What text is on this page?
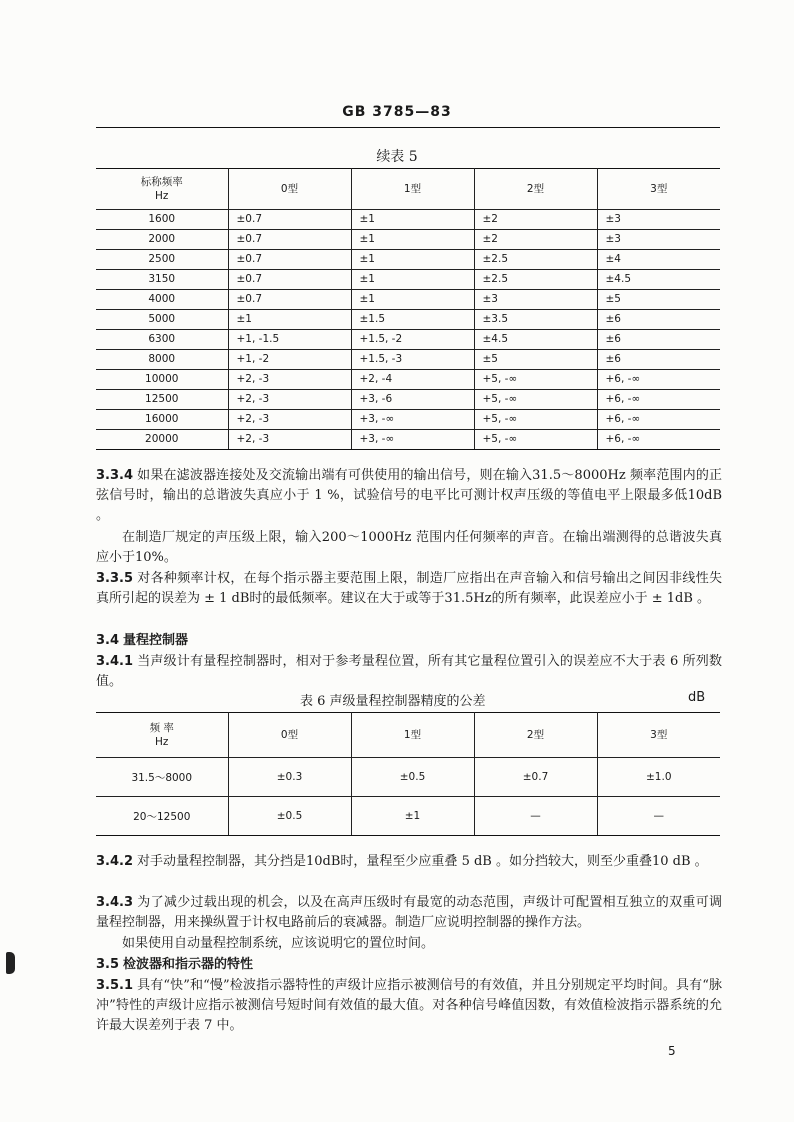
GB 3785—83
续表 5
标称频率
Hz	0型	1型	2型	3型
1600	±0.7	±1	±2	±3
2000	±0.7	±1	±2	±3
2500	±0.7	±1	±2.5	±4
3150	±0.7	±1	±2.5	±4.5
4000	±0.7	±1	±3	±5
5000	±1	±1.5	±3.5	±6
6300	+1, -1.5	+1.5, -2	±4.5	±6
8000	+1, -2	+1.5, -3	±5	±6
10000	+2, -3	+2, -4	+5, -∞	+6, -∞
12500	+2, -3	+3, -6	+5, -∞	+6, -∞
16000	+2, -3	+3, -∞	+5, -∞	+6, -∞
20000	+2, -3	+3, -∞	+5, -∞	+6, -∞

3.3.4 如果在滤波器连接处及交流输出端有可供使用的输出信号，则在输入31.5～8000Hz 频率范围内的正弦信号时，输出的总谐波失真应小于 1 %，试验信号的电平比可测计权声压级的等值电平上限最多低10dB 。

在制造厂规定的声压级上限，输入200～1000Hz 范围内任何频率的声音。在输出端测得的总谐波失真应小于10%。

3.3.5 对各种频率计权，在每个指示器主要范围上限，制造厂应指出在声音输入和信号输出之间因非线性失真所引起的误差为 ± 1 dB时的最低频率。建议在大于或等于31.5Hz的所有频率，此误差应小于 ± 1dB 。

3.4 量程控制器

3.4.1 当声级计有量程控制器时，相对于参考量程位置，所有其它量程位置引入的误差应不大于表 6 所列数值。

表 6 声级量程控制器精度的公差	dB
频 率
Hz	0型	1型	2型	3型
31.5～8000	±0.3	±0.5	±0.7	±1.0
20～12500	±0.5	±1	—	—

3.4.2 对手动量程控制器，其分挡是10dB时，量程至少应重叠 5 dB 。如分挡较大，则至少重叠10 dB 。

3.4.3 为了减少过载出现的机会，以及在高声压级时有最宽的动态范围，声级计可配置相互独立的双重可调量程控制器，用来操纵置于计权电路前后的衰减器。制造厂应说明控制器的操作方法。

如果使用自动量程控制系统，应该说明它的置位时间。

3.5 检波器和指示器的特性

3.5.1 具有“快”和“慢”检波指示器特性的声级计应指示被测信号的有效值，并且分别规定平均时间。具有“脉冲”特性的声级计应指示被测信号短时间有效值的最大值。对各种信号峰值因数，有效值检波指示器系统的允许最大误差列于表 7 中。

5
